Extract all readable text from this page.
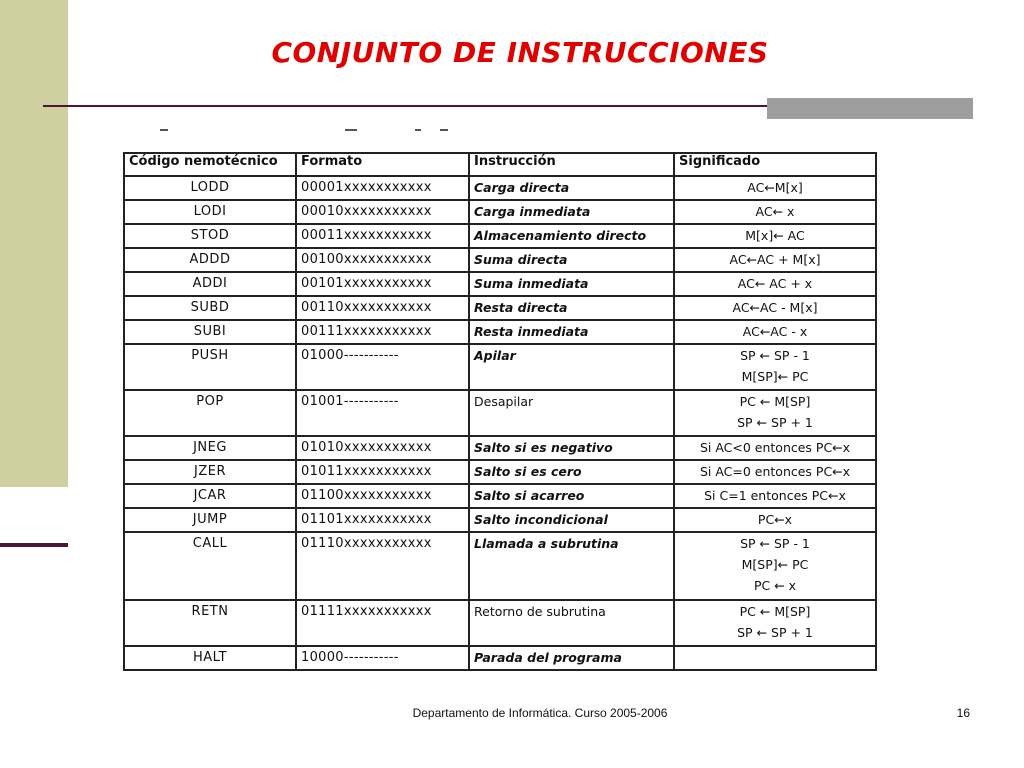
CONJUNTO DE INSTRUCCIONES
Código nemotécnico	Formato	Instrucción	Significado
LODD	00001xxxxxxxxxxx	Carga directa	AC←M[x]

LODI	00010xxxxxxxxxxx	Carga inmediata	AC← x

STOD	00011xxxxxxxxxxx	Almacenamiento directo	M[x]← AC

ADDD	00100xxxxxxxxxxx	Suma directa	AC←AC + M[x]

ADDI	00101xxxxxxxxxxx	Suma inmediata	AC← AC + x

SUBD	00110xxxxxxxxxxx	Resta directa	AC←AC - M[x]

SUBI	00111xxxxxxxxxxx	Resta inmediata	AC←AC - x

PUSH	01000-----------	Apilar	SP ← SP - 1
M[SP]← PC

POP	01001-----------	Desapilar	PC ← M[SP]
SP ← SP + 1

JNEG	01010xxxxxxxxxxx	Salto si es negativo	Si AC<0 entonces PC←x

JZER	01011xxxxxxxxxxx	Salto si es cero	Si AC=0 entonces PC←x

JCAR	01100xxxxxxxxxxx	Salto si acarreo	Si C=1 entonces PC←x

JUMP	01101xxxxxxxxxxx	Salto incondicional	PC←x

CALL	01110xxxxxxxxxxx	Llamada a subrutina	SP ← SP - 1
M[SP]← PC
PC ← x

RETN	01111xxxxxxxxxxx	Retorno de subrutina	PC ← M[SP]
SP ← SP + 1

HALT	10000-----------	Parada del programa	
Departamento de Informática. Curso 2005-2006	16
